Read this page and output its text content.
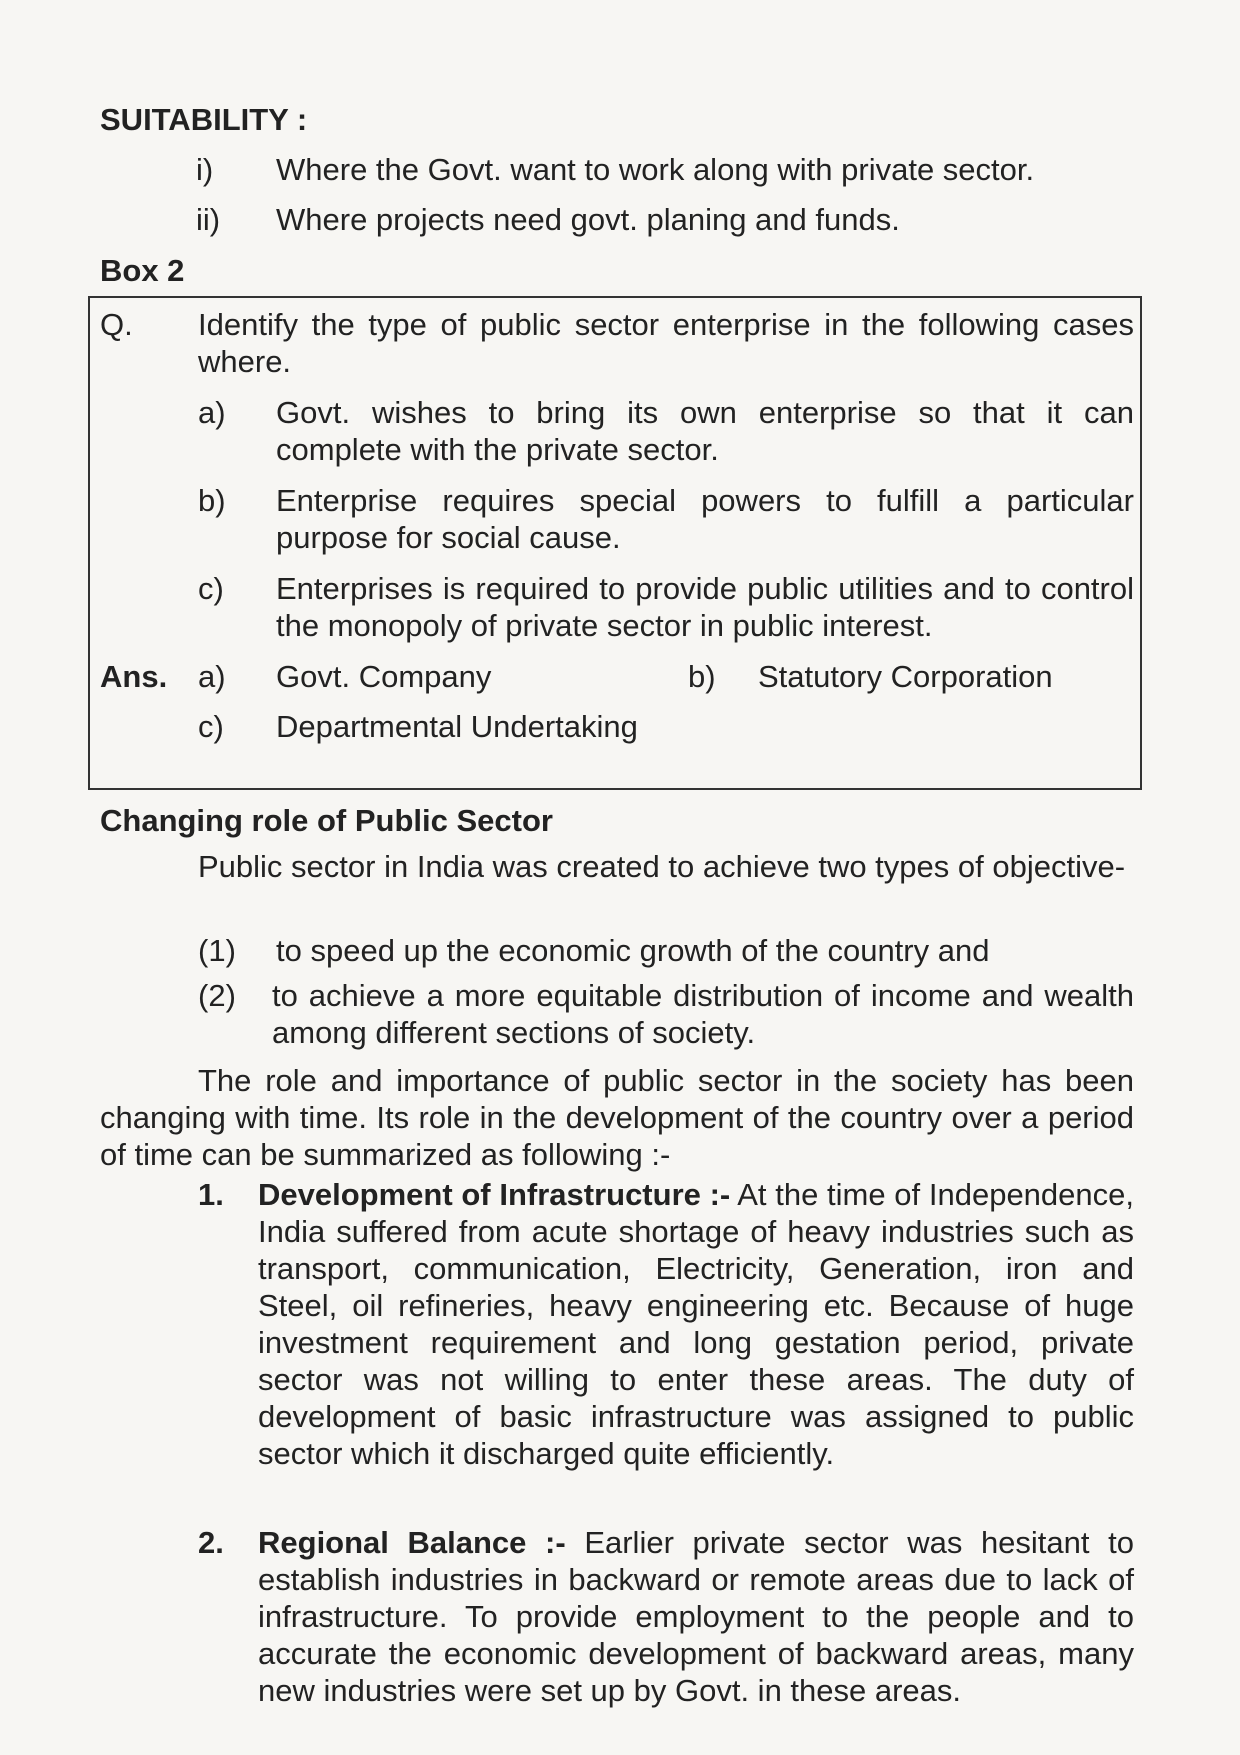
SUITABILITY :
i)	Where the Govt. want to work along with private sector.
ii)	Where projects need govt. planing and funds.
Box 2
Q. Identify the type of public sector enterprise in the following cases where.
a)	Govt. wishes to bring its own enterprise so that it can complete with the private sector.
b)	Enterprise requires special powers to fulfill a particular purpose for social cause.
c)	Enterprises is required to provide public utilities and to control the monopoly of private sector in public interest.
Ans. a)	Govt. Company	b)	Statutory Corporation
c)	Departmental Undertaking
Changing role of Public Sector
Public sector in India was created to achieve two types of objective-
(1)	to speed up the economic growth of the country and
(2)	to achieve a more equitable distribution of income and wealth among different sections of society.
The role and importance of public sector in the society has been changing with time. Its role in the development of the country over a period of time can be summarized as following :-
1.	Development of Infrastructure :- At the time of Independence, India suffered from acute shortage of heavy industries such as transport, communication, Electricity, Generation, iron and Steel, oil refineries, heavy engineering etc. Because of huge investment requirement and long gestation period, private sector was not willing to enter these areas. The duty of development of basic infrastructure was assigned to public sector which it discharged quite efficiently.
2.	Regional Balance :- Earlier private sector was hesitant to establish industries in backward or remote areas due to lack of infrastructure. To provide employment to the people and to accurate the economic development of backward areas, many new industries were set up by Govt. in these areas.
